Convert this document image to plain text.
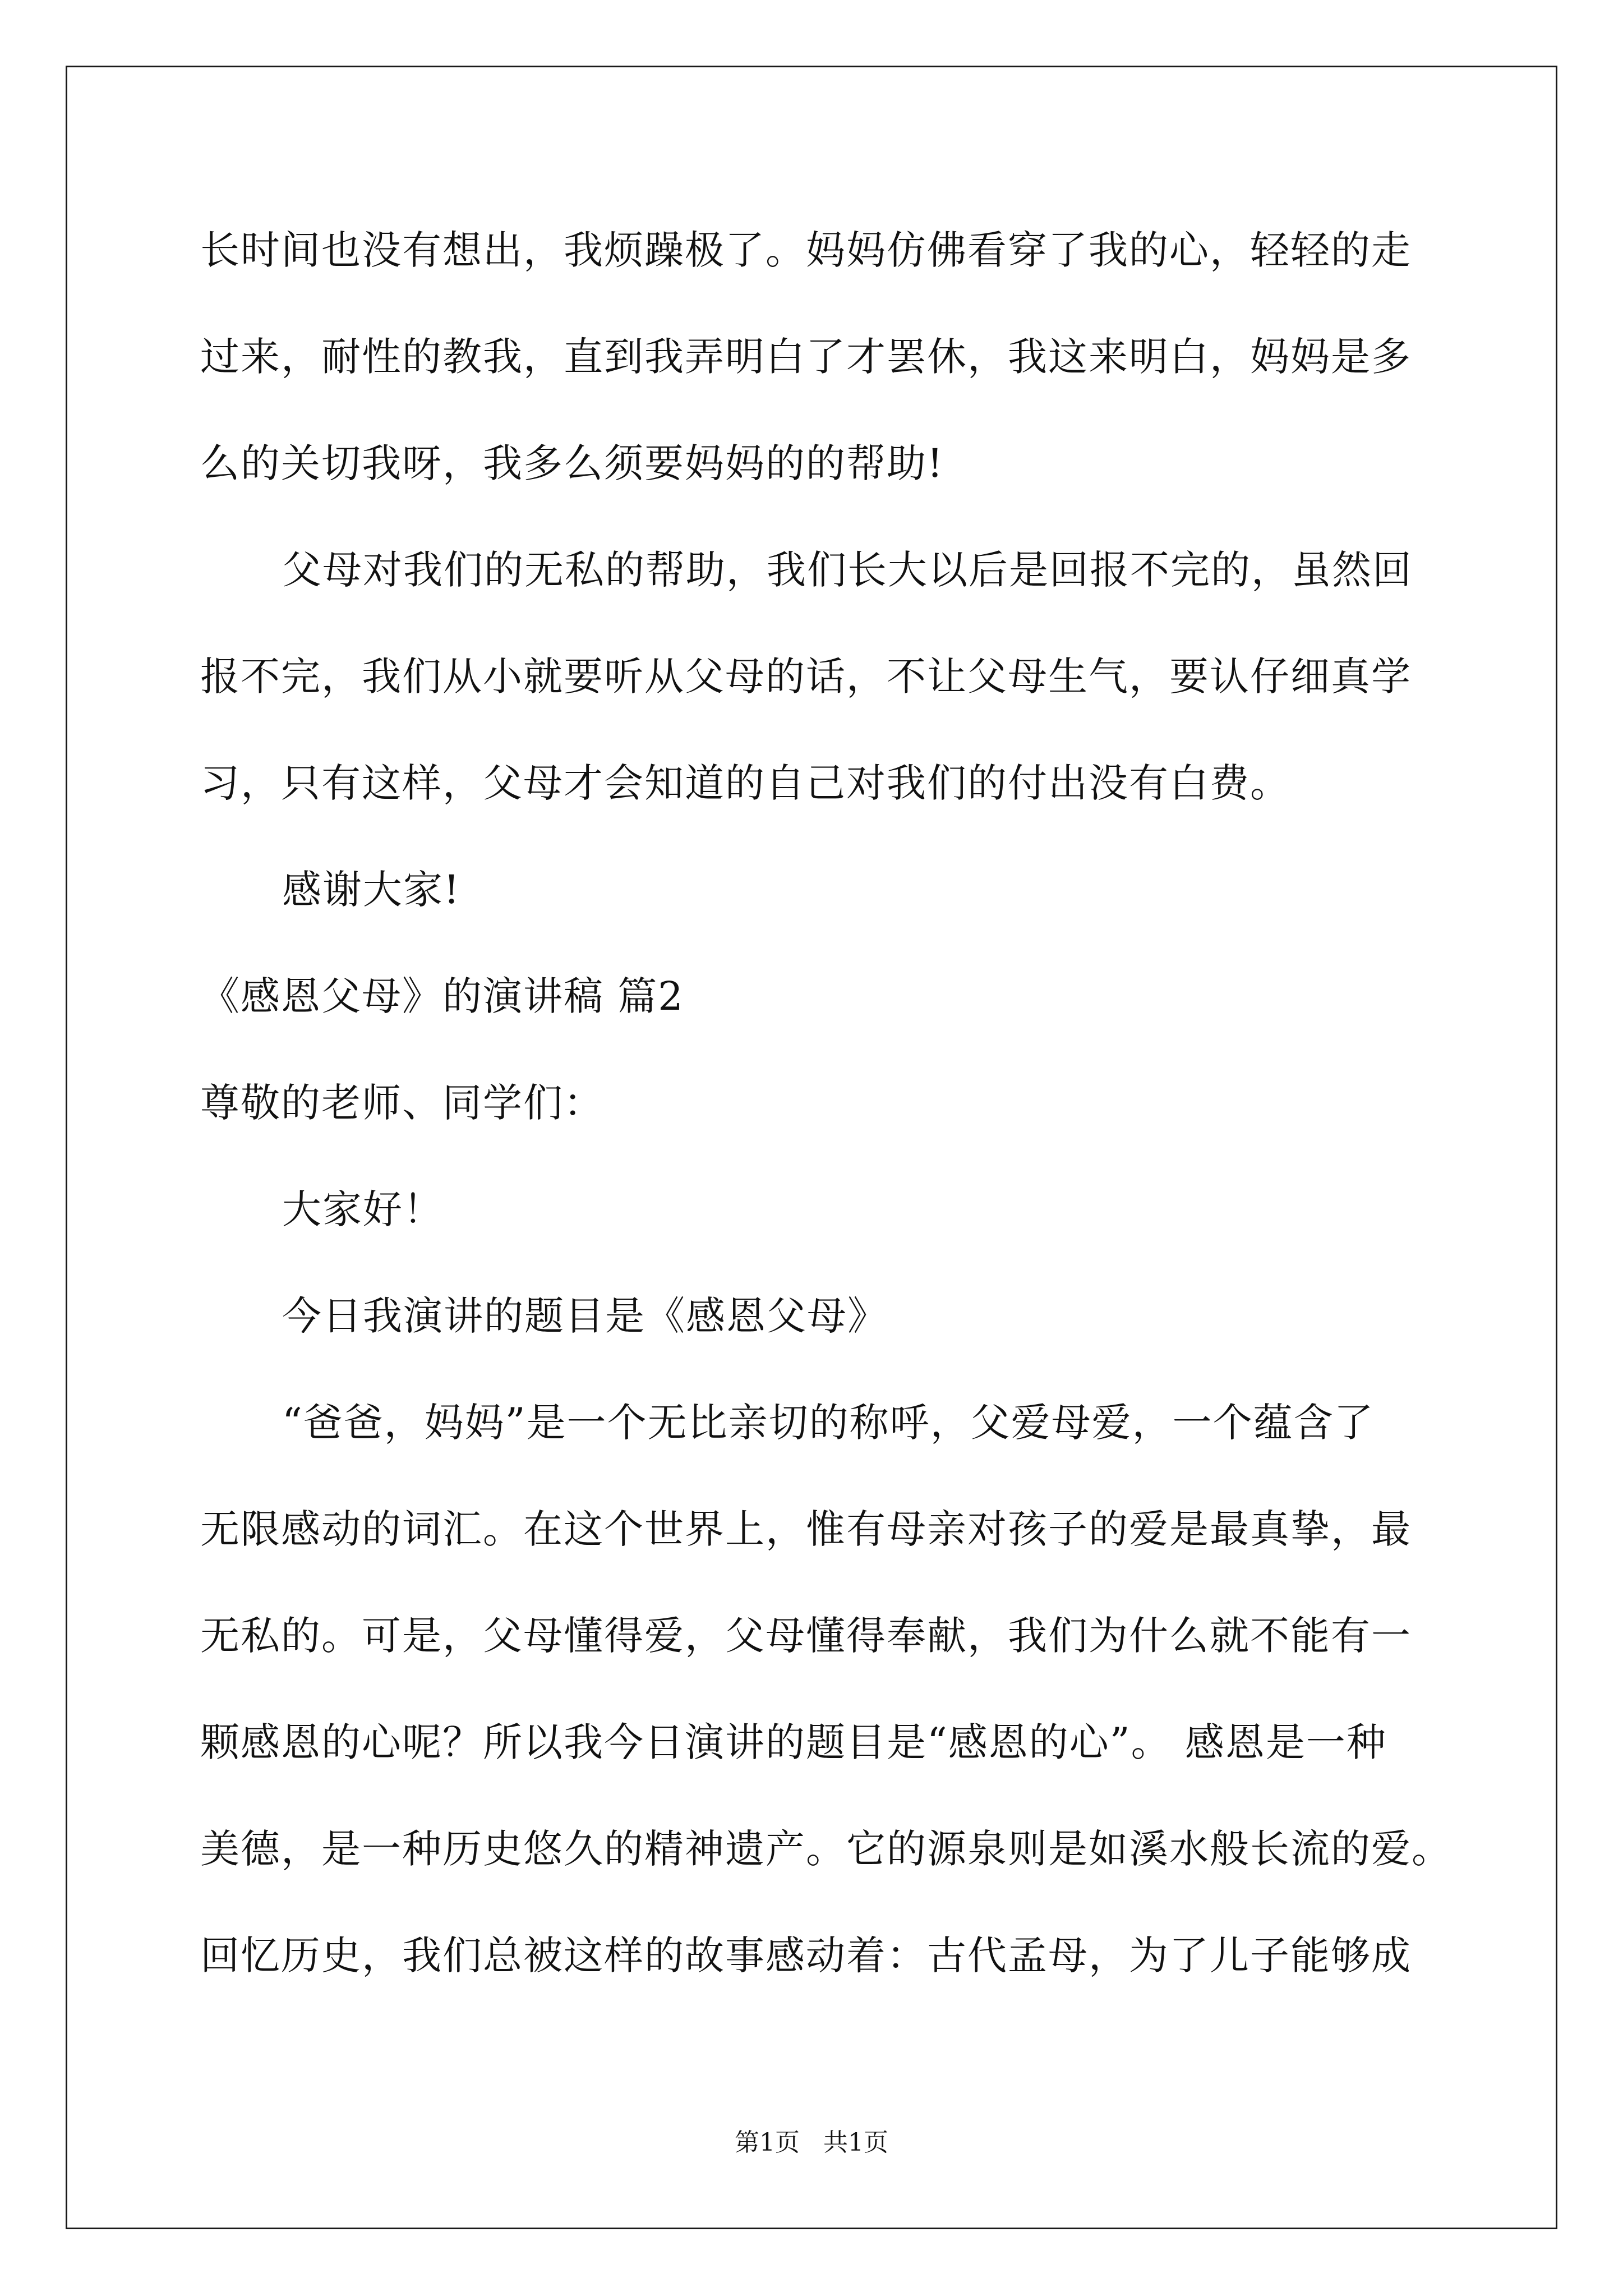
长时间也没有想出，我烦躁极了。妈妈仿佛看穿了我的心，轻轻的走
过来，耐性的教我，直到我弄明白了才罢休，我这来明白，妈妈是多
么的关切我呀，我多么须要妈妈的的帮助!
父母对我们的无私的帮助，我们长大以后是回报不完的，虽然回
报不完，我们从小就要听从父母的话，不让父母生气，要认仔细真学
习，只有这样，父母才会知道的自己对我们的付出没有白费。
感谢大家!
《感恩父母》的演讲稿 篇2
尊敬的老师、同学们：
大家好！
今日我演讲的题目是《感恩父母》
“爸爸，妈妈”是一个无比亲切的称呼，父爱母爱，一个蕴含了
无限感动的词汇。在这个世界上，惟有母亲对孩子的爱是最真挚，最
无私的。可是，父母懂得爱，父母懂得奉献，我们为什么就不能有一
颗感恩的心呢？所以我今日演讲的题目是“感恩的心”。 感恩是一种
美德，是一种历史悠久的精神遗产。它的源泉则是如溪水般长流的爱。
回忆历史，我们总被这样的故事感动着：古代孟母，为了儿子能够成
第1页   共1页
